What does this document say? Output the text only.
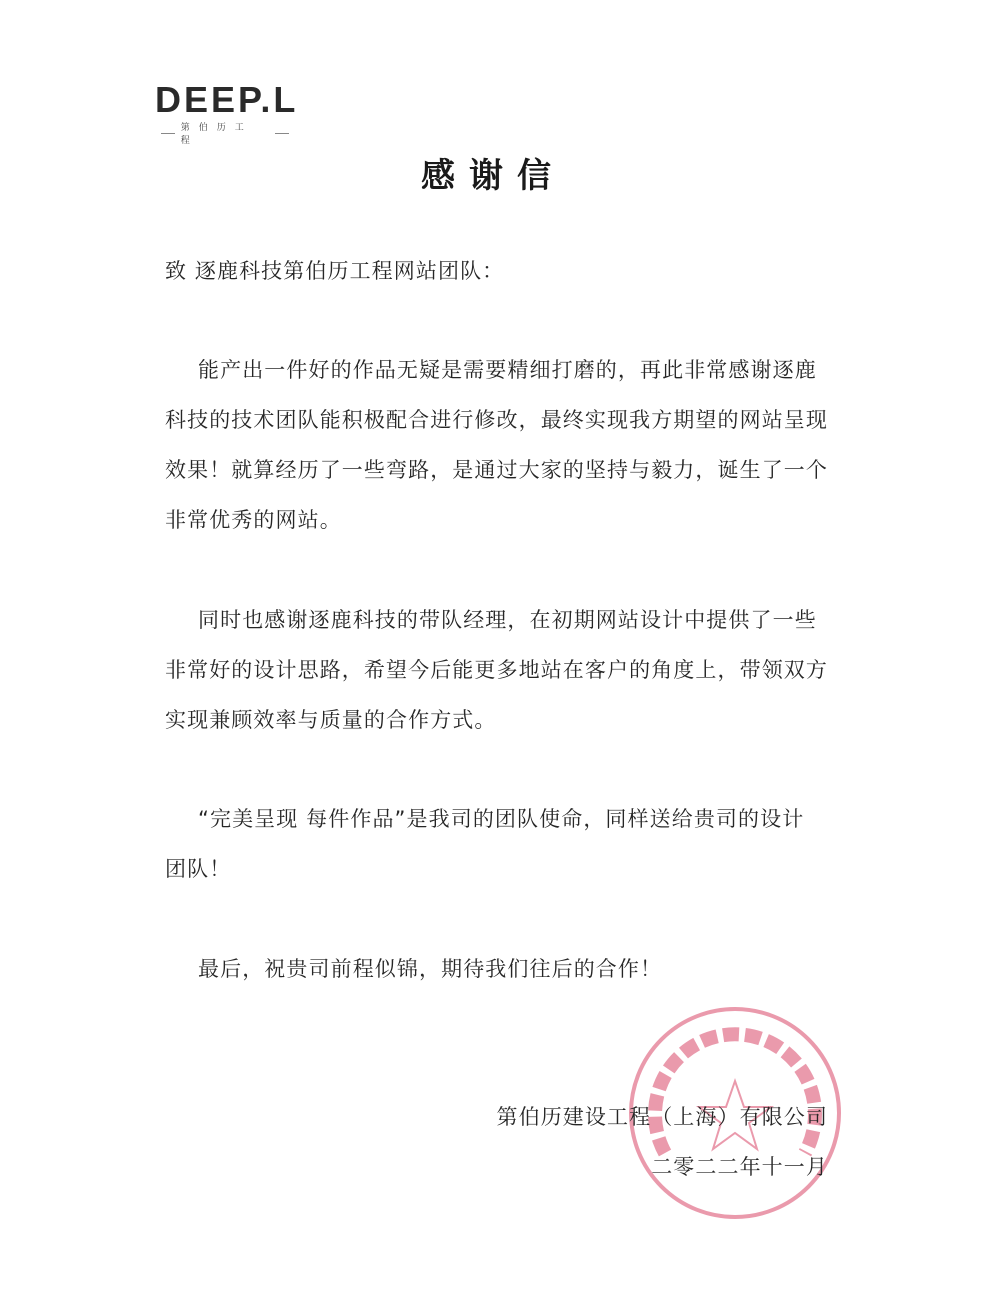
DEEP.L
第伯历工程
感谢信
致 逐鹿科技第伯历工程网站团队：
能产出一件好的作品无疑是需要精细打磨的，再此非常感谢逐鹿
科技的技术团队能积极配合进行修改，最终实现我方期望的网站呈现
效果！就算经历了一些弯路，是通过大家的坚持与毅力，诞生了一个
非常优秀的网站。
同时也感谢逐鹿科技的带队经理，在初期网站设计中提供了一些
非常好的设计思路，希望今后能更多地站在客户的角度上，带领双方
实现兼顾效率与质量的合作方式。
“完美呈现 每件作品”是我司的团队使命，同样送给贵司的设计
团队！
最后，祝贵司前程似锦，期待我们往后的合作！
第伯历建设工程（上海）有限公司
二零二二年十一月
